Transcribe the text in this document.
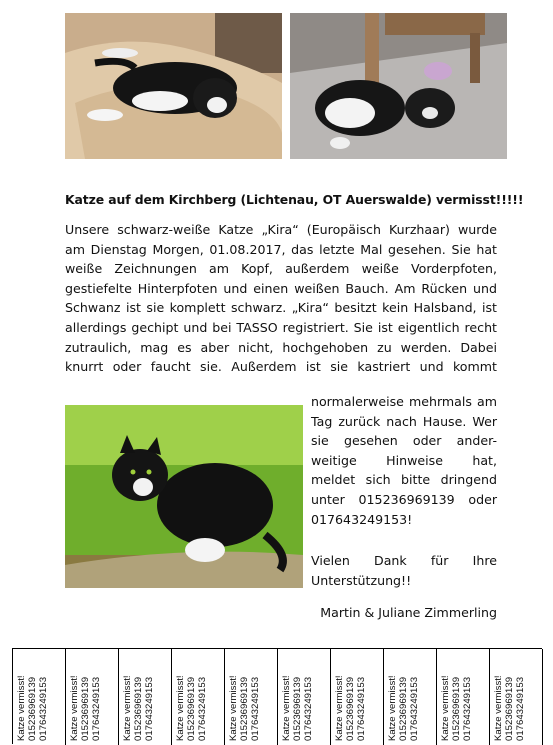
Katze auf dem Kirchberg (Lichtenau, OT Auerswalde) vermisst!!!!!

Unsere schwarz-weiße Katze „Kira“ (Europäisch Kurzhaar) wurde
am Dienstag Morgen, 01.08.2017, das letzte Mal gesehen. Sie hat
weiße Zeichnungen am Kopf, außerdem weiße Vorderpfoten,
gestiefelte Hinterpfoten und einen weißen Bauch. Am Rücken und
Schwanz ist sie komplett schwarz. „Kira“ besitzt kein Halsband, ist
allerdings gechipt und bei TASSO registriert. Sie ist eigentlich recht
zutraulich, mag es aber nicht, hochgehoben zu werden. Dabei
knurrt oder faucht sie. Außerdem ist sie kastriert und kommt

normalerweise mehrmals am
Tag zurück nach Hause. Wer
sie gesehen oder ander-
weitige Hinweise hat,
meldet sich bitte dringend
unter 015236969139 oder
017643249153!

Vielen Dank für Ihre
Unterstützung!!

Martin & Juliane Zimmerling
Katze vermisst! 015236969139 017643249153 Katze vermisst! 015236969139 017643249153 Katze vermisst! 015236969139 017643249153 Katze vermisst! 015236969139 017643249153 Katze vermisst! 015236969139 017643249153 Katze vermisst! 015236969139 017643249153 Katze vermisst! 015236969139 017643249153 Katze vermisst! 015236969139 017643249153 Katze vermisst! 015236969139 017643249153 Katze vermisst! 015236969139 017643249153
